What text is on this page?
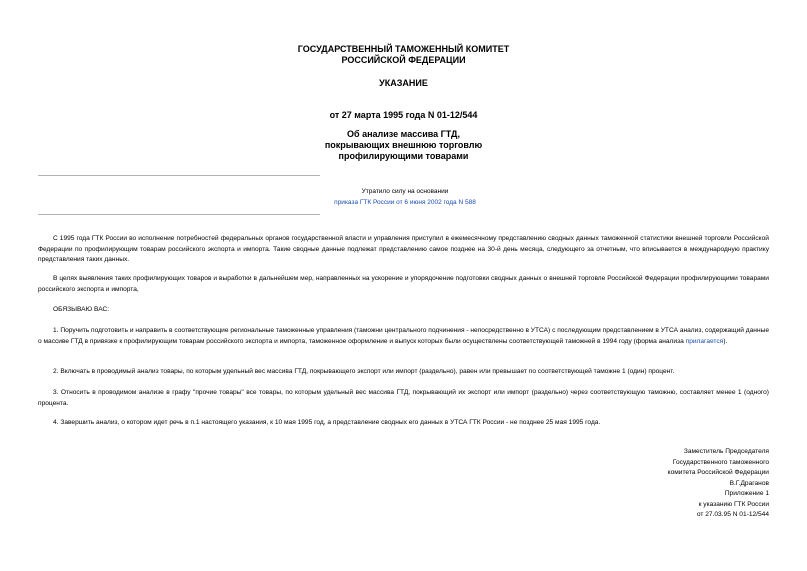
ГОСУДАРСТВЕННЫЙ ТАМОЖЕННЫЙ КОМИТЕТ
РОССИЙСКОЙ ФЕДЕРАЦИИ
УКАЗАНИЕ
от 27 марта 1995 года N 01-12/544
Об анализе массива ГТД,
покрывающих внешнюю торговлю
профилирующими товарами
Утратило силу на основании
приказа ГТК России от 6 июня 2002 года N 588

С 1995 года ГТК России во исполнение потребностей федеральных органов государственной власти и управления приступил в ежемесячному представлению сводных данных таможенной статистики внешней торговли Российской Федерации по профилирующим товарам российского экспорта и импорта. Такие сводные данные подлежат представлению самое позднее на 30-й день месяца, следующего за отчетным, что вписывается в международную практику представления таких данных.

В целях выявления таких профилирующих товаров и выработки в дальнейшем мер, направленных на ускорение и упорядочение подготовки сводных данных о внешней торговле Российской Федерации профилирующими товарами российского экспорта и импорта,

ОБЯЗЫВАЮ ВАС:

1. Поручить подготовить и направить в соответствующие региональные таможенные управления (таможни центрального подчинения - непосредственно в УТСА) с последующим представлением в УТСА анализ, содержащий данные о массиве ГТД в привязке к профилирующим товарам российского экспорта и импорта, таможенное оформление и выпуск которых были осуществлены соответствующей таможней в 1994 году (форма анализа прилагается).

2. Включать в проводимый анализ товары, по которым удельный вес массива ГТД, покрывающего экспорт или импорт (раздельно), равен или превышает по соответствующей таможне 1 (один) процент.

3. Относить в проводимом анализе в графу "прочие товары" все товары, по которым удельный вес массива ГТД, покрывающий их экспорт или импорт (раздельно) через соответствующую таможню, составляет менее 1 (одного) процента.

4. Завершить анализ, о котором идет речь в п.1 настоящего указания, к 10 мая 1995 год, а представление сводных его данных в УТСА ГТК России - не позднее 25 мая 1995 года.

Заместитель Председателя
Государственного таможенного
комитета Российской Федерации
В.Г.Драганов
Приложение 1
к указанию ГТК России
от 27.03.95 N 01-12/544
